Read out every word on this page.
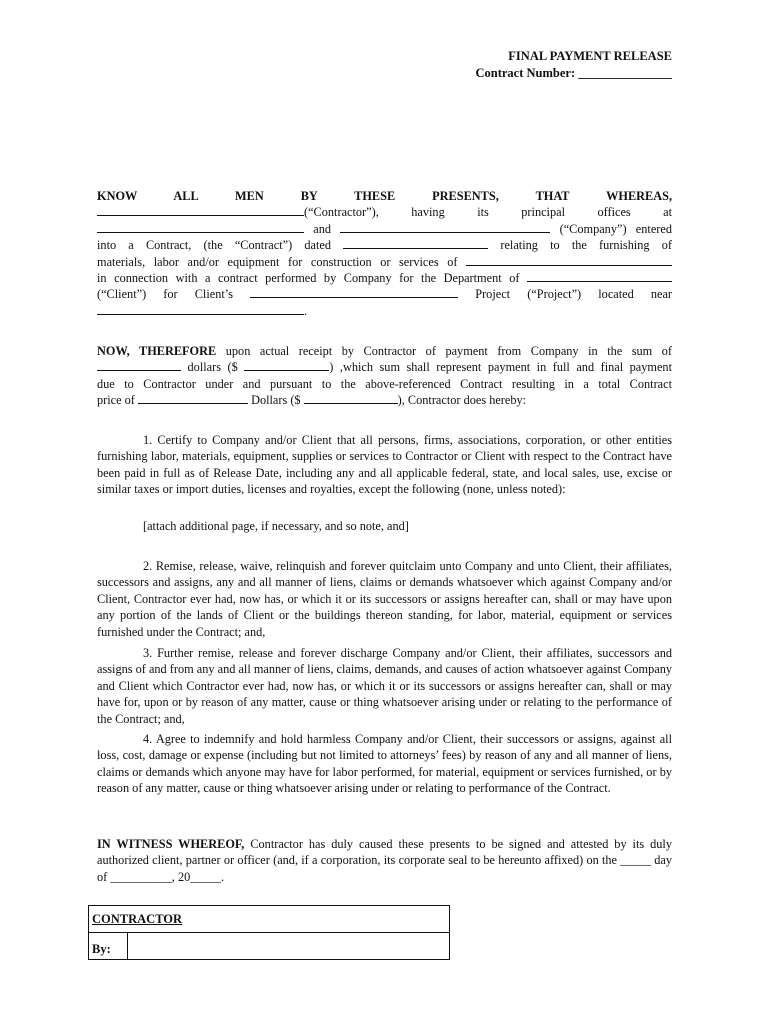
FINAL PAYMENT RELEASE
Contract Number: _______________
KNOW	ALL	MEN	BY	THESE	PRESENTS,	THAT	WHEREAS,
(“Contractor”),	having	its	principal	offices	at
and	(“Company”) entered
into a Contract, (the “Contract”) dated	relating to the furnishing of
materials, labor and/or equipment for construction or services of
in connection with a contract performed by Company for the Department of
(“Client”) for Client’s	Project (“Project”) located near
.
NOW, THEREFORE upon actual receipt by Contractor of payment from Company in the sum of
dollars ($	) ,which sum shall represent payment in full and final payment
due to Contractor under and pursuant to the above-referenced Contract resulting in a total Contract
price of	Dollars ($	), Contractor does hereby:
1. Certify to Company and/or Client that all persons, firms, associations, corporation, or other entities furnishing labor, materials, equipment, supplies or services to Contractor or Client with respect to the Contract have been paid in full as of Release Date, including any and all applicable federal, state, and local sales, use, excise or similar taxes or import duties, licenses and royalties, except the following (none, unless noted):
[attach additional page, if necessary, and so note, and]
2. Remise, release, waive, relinquish and forever quitclaim unto Company and unto Client, their affiliates, successors and assigns, any and all manner of liens, claims or demands whatsoever which against Company and/or Client, Contractor ever had, now has, or which it or its successors or assigns hereafter can, shall or may have upon any portion of the lands of Client or the buildings thereon standing, for labor, material, equipment or services furnished under the Contract; and,
3. Further remise, release and forever discharge Company and/or Client, their affiliates, successors and assigns of and from any and all manner of liens, claims, demands, and causes of action whatsoever against Company and Client which Contractor ever had, now has, or which it or its successors or assigns hereafter can, shall or may have for, upon or by reason of any matter, cause or thing whatsoever arising under or relating to the performance of the Contract; and,
4. Agree to indemnify and hold harmless Company and/or Client, their successors or assigns, against all loss, cost, damage or expense (including but not limited to attorneys’ fees) by reason of any and all manner of liens, claims or demands which anyone may have for labor performed, for material, equipment or services furnished, or by reason of any matter, cause or thing whatsoever arising under or relating to performance of the Contract.
IN WITNESS WHEREOF, Contractor has duly caused these presents to be signed and attested by its duly authorized client, partner or officer (and, if a corporation, its corporate seal to be hereunto affixed) on the _____ day of __________, 20_____.
CONTRACTOR
By:	
